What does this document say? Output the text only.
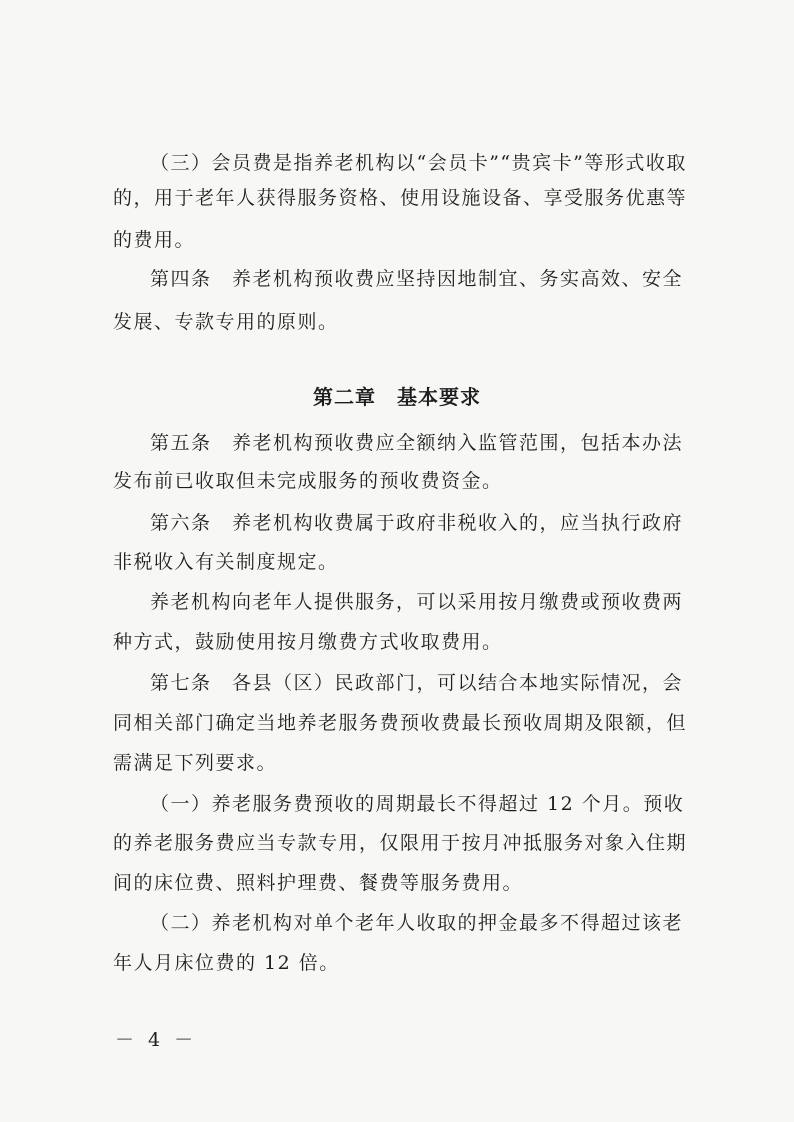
（三）会员费是指养老机构以“会员卡”“贵宾卡”等形式收取
的，用于老年人获得服务资格、使用设施设备、享受服务优惠等
的费用。
第四条　养老机构预收费应坚持因地制宜、务实高效、安全
发展、专款专用的原则。
第二章　基本要求
第五条　养老机构预收费应全额纳入监管范围，包括本办法
发布前已收取但未完成服务的预收费资金。
第六条　养老机构收费属于政府非税收入的，应当执行政府
非税收入有关制度规定。
养老机构向老年人提供服务，可以采用按月缴费或预收费两
种方式，鼓励使用按月缴费方式收取费用。
第七条　各县（区）民政部门，可以结合本地实际情况，会
同相关部门确定当地养老服务费预收费最长预收周期及限额，但
需满足下列要求。
（一）养老服务费预收的周期最长不得超过 12 个月。预收
的养老服务费应当专款专用，仅限用于按月冲抵服务对象入住期
间的床位费、照料护理费、餐费等服务费用。
（二）养老机构对单个老年人收取的押金最多不得超过该老
年人月床位费的 12 倍。
－ 4 －
